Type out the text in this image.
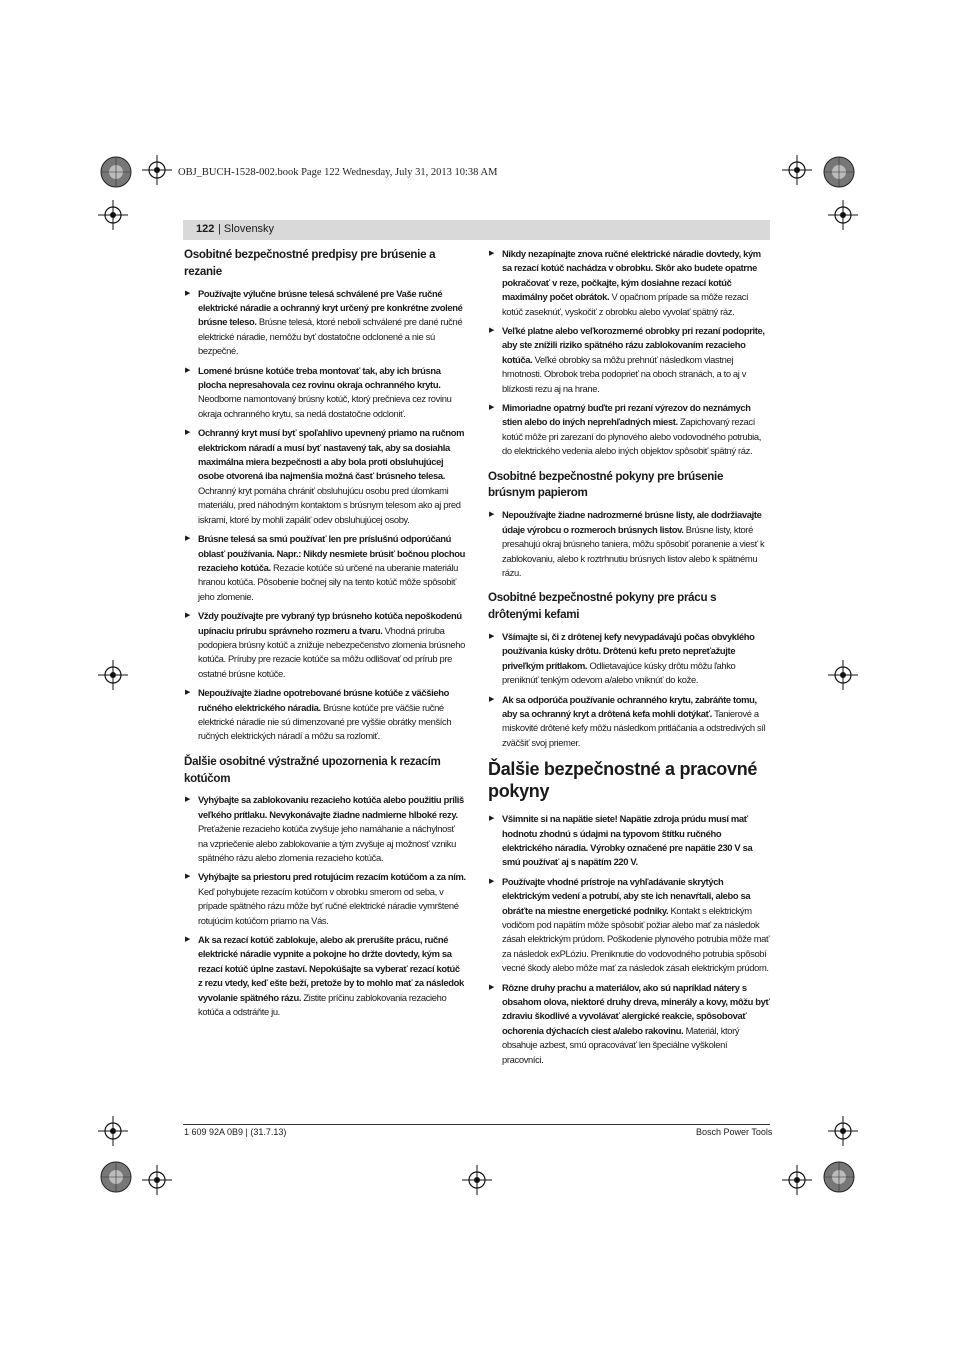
OBJ_BUCH-1528-002.book Page 122 Wednesday, July 31, 2013 10:38 AM
122 | Slovensky
Osobitné bezpečnostné predpisy pre brúsenie a rezanie
▶ Používajte výlučne brúsne telesá schválené pre Vaše ručné elektrické náradie a ochranný kryt určený pre konkrétne zvolené brúsne teleso. Brúsne telesá, ktoré neboli schválené pre dané ručné elektrické náradie, nemôžu byť dostatočne odclonené a nie sú bezpečné.
▶ Lomené brúsne kotúče treba montovať tak, aby ich brúsna plocha nepresahovala cez rovinu okraja ochranného krytu. Neodborne namontovaný brúsny kotúč, ktorý prečnieva cez rovinu okraja ochranného krytu, sa nedá dostatočne odcloniť.
▶ Ochranný kryt musí byť spoľahlivo upevnený priamo na ručnom elektrickom náradí a musí byť nastavený tak, aby sa dosiahla maximálna miera bezpečnosti a aby bola proti obsluhujúcej osobe otvorená iba najmenšia možná časť brúsneho telesa. Ochranný kryt pomáha chrániť obsluhujúcu osobu pred úlomkami materiálu, pred náhodným kontaktom s brúsnym telesom ako aj pred iskrami, ktoré by mohli zapáliť odev obsluhujúcej osoby.
▶ Brúsne telesá sa smú používať len pre príslušnú odporúčanú oblasť používania. Napr.: Nikdy nesmiete brúsiť bočnou plochou rezacieho kotúča. Rezacie kotúče sú určené na uberanie materiálu hranou kotúča. Pôsobenie bočnej sily na tento kotúč môže spôsobiť jeho zlomenie.
▶ Vždy používajte pre vybraný typ brúsneho kotúča nepoškodenú upínaciu prírubu správneho rozmeru a tvaru. Vhodná príruba podopiera brúsny kotúč a znižuje nebezpečenstvo zlomenia brúsneho kotúča. Príruby pre rezacie kotúče sa môžu odlišovať od prírub pre ostatné brúsne kotúče.
▶ Nepoužívajte žiadne opotrebované brúsne kotúče z väčšieho ručného elektrického náradia. Brúsne kotúče pre väčšie ručné elektrické náradie nie sú dimenzované pre vyššie obrátky menších ručných elektrických náradí a môžu sa rozlomiť.
Ďalšie osobitné výstražné upozornenia k rezacím kotúčom
▶ Vyhýbajte sa zablokovaniu rezacieho kotúča alebo použitiu príliš veľkého prítlaku. Nevykonávajte žiadne nadmierne hlboké rezy. Preťaženie rezacieho kotúča zvyšuje jeho namáhanie a náchylnosť na vzpriečenie alebo zablokovanie a tým zvyšuje aj možnosť vzniku spätného rázu alebo zlomenia rezacieho kotúča.
▶ Vyhýbajte sa priestoru pred rotujúcim rezacím kotúčom a za ním. Keď pohybujete rezacím kotúčom v obrobku smerom od seba, v prípade spätného rázu môže byť ručné elektrické náradie vymrštené rotujúcim kotúčom priamo na Vás.
▶ Ak sa rezací kotúč zablokuje, alebo ak prerušíte prácu, ručné elektrické náradie vypnite a pokojne ho držte dovtedy, kým sa rezací kotúč úplne zastaví. Nepokúšajte sa vyberať rezací kotúč z rezu vtedy, keď ešte beží, pretože by to mohlo mať za následok vyvolanie spätného rázu. Zistite príčinu zablokovania rezacieho kotúča a odstráňte ju.
▶ Nikdy nezapínajte znova ručné elektrické náradie dovtedy, kým sa rezací kotúč nachádza v obrobku. Skôr ako budete opatrne pokračovať v reze, počkajte, kým dosiahne rezací kotúč maximálny počet obrátok. V opačnom prípade sa môže rezací kotúč zaseknúť, vyskočiť z obrobku alebo vyvolať spätný ráz.
▶ Veľké platne alebo veľkorozmerné obrobky pri rezaní podoprite, aby ste znížili riziko spätného rázu zablokovaním rezacieho kotúča. Veľké obrobky sa môžu prehnúť následkom vlastnej hmotnosti. Obrobok treba podoprieť na oboch stranách, a to aj v blízkosti rezu aj na hrane.
▶ Mimoriadne opatrný buďte pri rezaní výrezov do neznámych stien alebo do iných neprehľadných miest. Zapichovaný rezací kotúč môže pri zarezaní do plynového alebo vodovodného potrubia, do elektrického vedenia alebo iných objektov spôsobiť spätný ráz.
Osobitné bezpečnostné pokyny pre brúsenie brúsnym papierom
▶ Nepoužívajte žiadne nadrozmerné brúsne listy, ale dodržiavajte údaje výrobcu o rozmeroch brúsnych listov. Brúsne listy, ktoré presahujú okraj brúsneho taniera, môžu spôsobiť poranenie a viesť k zablokovaniu, alebo k roztrhnutiu brúsnych listov alebo k spätnému rázu.
Osobitné bezpečnostné pokyny pre prácu s drôtenými kefami
▶ Všímajte si, či z drôtenej kefy nevypadávajú počas obvyklého používania kúsky drôtu. Drôtenú kefu preto nepreťažujte priveľkým prítlakom. Odlietavajúce kúsky drôtu môžu ľahko preniknúť tenkým odevom a/alebo vniknúť do kože.
▶ Ak sa odporúča používanie ochranného krytu, zabráňte tomu, aby sa ochranný kryt a drôtená kefa mohli dotýkať. Tanierové a miskovité drôtené kefy môžu následkom pritláčania a odstredivých síl zväčšiť svoj priemer.
Ďalšie bezpečnostné a pracovné pokyny
▶ Všimnite si na napätie siete! Napätie zdroja prúdu musí mať hodnotu zhodnú s údajmi na typovom štítku ručného elektrického náradia. Výrobky označené pre napätie 230 V sa smú používať aj s napätím 220 V.
▶ Používajte vhodné prístroje na vyhľadávanie skrytých elektrickým vedení a potrubí, aby ste ich nenavŕtali, alebo sa obráťte na miestne energetické podniky. Kontakt s elektrickým vodičom pod napätím môže spôsobiť požiar alebo mať za následok zásah elektrickým prúdom. Poškodenie plynového potrubia môže mať za následok exPLóziu. Preniknutie do vodovodného potrubia spôsobí vecné škody alebo môže mať za následok zásah elektrickým prúdom.
▶ Rôzne druhy prachu a materiálov, ako sú napríklad nátery s obsahom olova, niektoré druhy dreva, minerály a kovy, môžu byť zdraviu škodlivé a vyvolávať alergické reakcie, spôsobovať ochorenia dýchacích ciest a/alebo rakovinu. Materiál, ktorý obsahuje azbest, smú opracovávať len špeciálne vyškolení pracovníci.
1 609 92A 0B9 | (31.7.13)	Bosch Power Tools
